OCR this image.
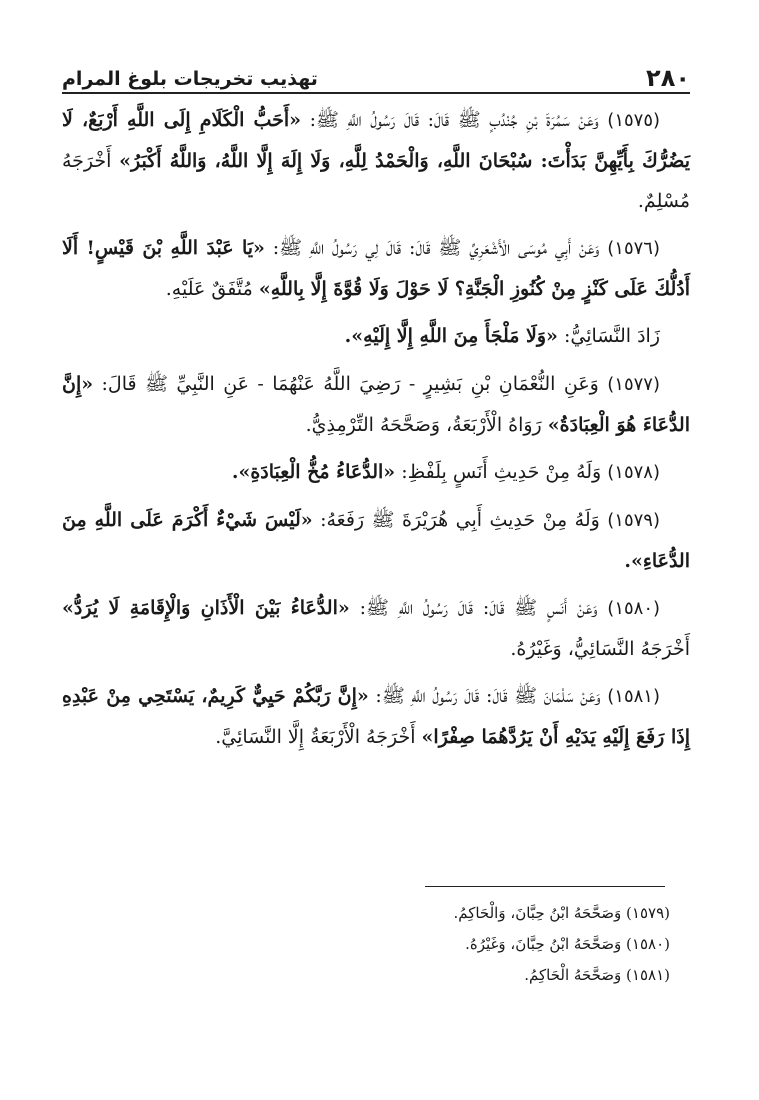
٢٨٠
تهذيب تخريجات بلوغ المرام

(١٥٧٥) وَعَنْ سَمُرَةَ بْنِ جُنْدُبٍ ﷺ قَالَ: قَالَ رَسُولُ اللَّهِ ﷺ: «أَحَبُّ الْكَلَامِ إِلَى اللَّهِ أَرْبَعٌ، لَا يَضُرُّكَ بِأَيِّهِنَّ بَدَأْتَ: سُبْحَانَ اللَّهِ، وَالْحَمْدُ لِلَّهِ، وَلَا إِلَهَ إِلَّا اللَّهُ، وَاللَّهُ أَكْبَرُ» أَخْرَجَهُ مُسْلِمٌ.

(١٥٧٦) وَعَنْ أَبِي مُوسَى الْأَشْعَرِيِّ ﷺ قَالَ: قَالَ لِي رَسُولُ اللَّهِ ﷺ: «يَا عَبْدَ اللَّهِ بْنَ قَيْسٍ! أَلَا أَدُلُّكَ عَلَى كَنْزٍ مِنْ كُنُوزِ الْجَنَّةِ؟ لَا حَوْلَ وَلَا قُوَّةَ إِلَّا بِاللَّهِ» مُتَّفَقٌ عَلَيْهِ.

زَادَ النَّسَائِيُّ: «وَلَا مَلْجَأَ مِنَ اللَّهِ إِلَّا إِلَيْهِ».

(١٥٧٧) وَعَنِ النُّعْمَانِ بْنِ بَشِيرٍ - رَضِيَ اللَّهُ عَنْهُمَا - عَنِ النَّبِيِّ ﷺ قَالَ: «إِنَّ الدُّعَاءَ هُوَ الْعِبَادَةُ» رَوَاهُ الْأَرْبَعَةُ، وَصَحَّحَهُ التِّرْمِذِيُّ.

(١٥٧٨) وَلَهُ مِنْ حَدِيثِ أَنَسٍ بِلَفْظِ: «الدُّعَاءُ مُخُّ الْعِبَادَةِ».

(١٥٧٩) وَلَهُ مِنْ حَدِيثِ أَبِي هُرَيْرَةَ ﷺ رَفَعَهُ: «لَيْسَ شَيْءٌ أَكْرَمَ عَلَى اللَّهِ مِنَ الدُّعَاءِ».

(١٥٨٠) وَعَنْ أَنَسٍ ﷺ قَالَ: قَالَ رَسُولُ اللَّهِ ﷺ: «الدُّعَاءُ بَيْنَ الْأَذَانِ وَالْإِقَامَةِ لَا يُرَدُّ» أَخْرَجَهُ النَّسَائِيُّ، وَغَيْرُهُ.

(١٥٨١) وَعَنْ سَلْمَانَ ﷺ قَالَ: قَالَ رَسُولُ اللَّهِ ﷺ: «إِنَّ رَبَّكُمْ حَيِيٌّ كَرِيمٌ، يَسْتَحِي مِنْ عَبْدِهِ إِذَا رَفَعَ إِلَيْهِ يَدَيْهِ أَنْ يَرُدَّهُمَا صِفْرًا» أَخْرَجَهُ الْأَرْبَعَةُ إِلَّا النَّسَائِيَّ.

(١٥٧٩) وَصَحَّحَهُ ابْنُ حِبَّانَ، وَالْحَاكِمُ.

(١٥٨٠) وَصَحَّحَهُ ابْنُ حِبَّانَ، وَغَيْرُهُ.

(١٥٨١) وَصَحَّحَهُ الْحَاكِمُ.
